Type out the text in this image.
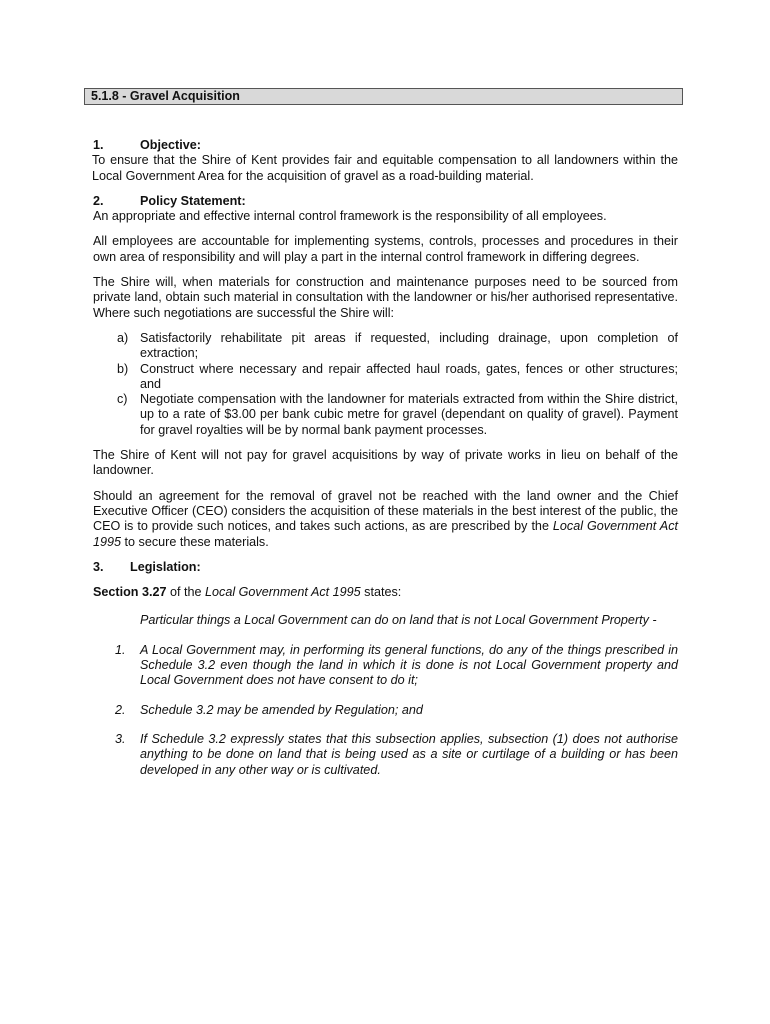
5.1.8 - Gravel Acquisition
1.	Objective:

To ensure that the Shire of Kent provides fair and equitable compensation to all landowners within the Local Government Area for the acquisition of gravel as a road-building material.

2.	Policy Statement:

An appropriate and effective internal control framework is the responsibility of all employees.

All employees are accountable for implementing systems, controls, processes and procedures in their own area of responsibility and will play a part in the internal control framework in differing degrees.

The Shire will, when materials for construction and maintenance purposes need to be sourced from private land, obtain such material in consultation with the landowner or his/her authorised representative. Where such negotiations are successful the Shire will:

a) Satisfactorily rehabilitate pit areas if requested, including drainage, upon completion of extraction;
b) Construct where necessary and repair affected haul roads, gates, fences or other structures; and
c) Negotiate compensation with the landowner for materials extracted from within the Shire district, up to a rate of $3.00 per bank cubic metre for gravel (dependant on quality of gravel). Payment for gravel royalties will be by normal bank payment processes.

The Shire of Kent will not pay for gravel acquisitions by way of private works in lieu on behalf of the landowner.

Should an agreement for the removal of gravel not be reached with the land owner and the Chief Executive Officer (CEO) considers the acquisition of these materials in the best interest of the public, the CEO is to provide such notices, and takes such actions, as are prescribed by the Local Government Act 1995 to secure these materials.

3.	Legislation:

Section 3.27 of the Local Government Act 1995 states:

Particular things a Local Government can do on land that is not Local Government Property -

1.	A Local Government may, in performing its general functions, do any of the things prescribed in Schedule 3.2 even though the land in which it is done is not Local Government property and Local Government does not have consent to do it;
2.	Schedule 3.2 may be amended by Regulation; and
3.	If Schedule 3.2 expressly states that this subsection applies, subsection (1) does not authorise anything to be done on land that is being used as a site or curtilage of a building or has been developed in any other way or is cultivated.
